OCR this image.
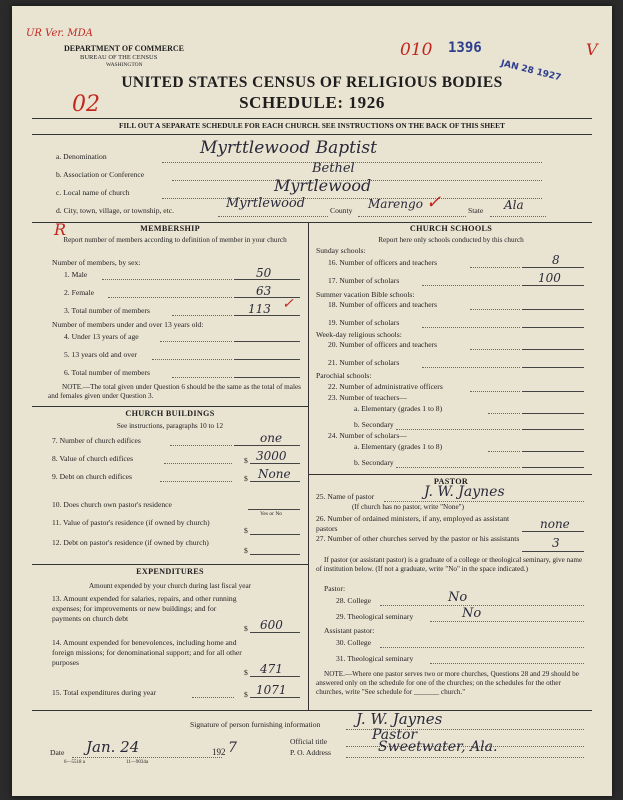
UR Ver. MDA
DEPARTMENT OF COMMERCE
BUREAU OF THE CENSUS
WASHINGTON
010 1396
JAN 28 1927
V
UNITED STATES CENSUS OF RELIGIOUS BODIES
SCHEDULE: 1926
02
FILL OUT A SEPARATE SCHEDULE FOR EACH CHURCH. SEE INSTRUCTIONS ON THE BACK OF THIS SHEET
a. Denomination	Myrttlewood Baptist
b. Association or Conference	Bethel
c. Local name of church	Myrtlewood
d. City, town, village, or township, etc.	Myrtlewood	County Marengo ✓	State Ala
R	MEMBERSHIP
Report number of members according to definition of member in your church
Number of members, by sex:
1. Male	50
2. Female	63
3. Total number of members	113 ✓
Number of members under and over 13 years old:
4. Under 13 years of age
5. 13 years old and over
6. Total number of members
NOTE.—The total given under Question 6 should be the same as the total of males and females given under Question 3.
CHURCH BUILDINGS
See instructions, paragraphs 10 to 12
7. Number of church edifices	one
8. Value of church edifices	$ 3000
9. Debt on church edifices	$ None
10. Does church own pastor's residence
Yes or No
11. Value of pastor's residence (if owned by church)
$
12. Debt on pastor's residence (if owned by church)
$
EXPENDITURES
Amount expended by your church during last fiscal year
13. Amount expended for salaries, repairs, and other running expenses; for improvements or new buildings; and for payments on church debt
$ 600
14. Amount expended for benevolences, including home and foreign missions; for denominational support; and for all other purposes
$ 471
15. Total expenditures during year	$ 1071
CHURCH SCHOOLS
Report here only schools conducted by this church
Sunday schools:
16. Number of officers and teachers	8
17. Number of scholars	100
Summer vacation Bible schools:
18. Number of officers and teachers
19. Number of scholars
Week-day religious schools:
20. Number of officers and teachers
21. Number of scholars
Parochial schools:
22. Number of administrative officers
23. Number of teachers—
a. Elementary (grades 1 to 8)
b. Secondary
24. Number of scholars—
a. Elementary (grades 1 to 8)
b. Secondary
PASTOR
25. Name of pastor	J. W. Jaynes
(If church has no pastor, write "None")
26. Number of ordained ministers, if any, employed as assistant pastors	none
27. Number of other churches served by the pastor or his assistants	3
If pastor (or assistant pastor) is a graduate of a college or theological seminary, give name of institution below. (If not a graduate, write "No" in the space indicated.)
Pastor:
28. College	No
29. Theological seminary	No
Assistant pastor:
30. College
31. Theological seminary
NOTE.—Where one pastor serves two or more churches, Questions 28 and 29 should be answered only on the schedule for one of the churches; on the schedules for the other churches, write "See schedule for _______ church."
Signature of person furnishing information J. W. Jaynes
Official title	Pastor
Date Jan. 24	192 7	P. O. Address	Sweetwater, Ala.
6—5518 a	11—9034a
